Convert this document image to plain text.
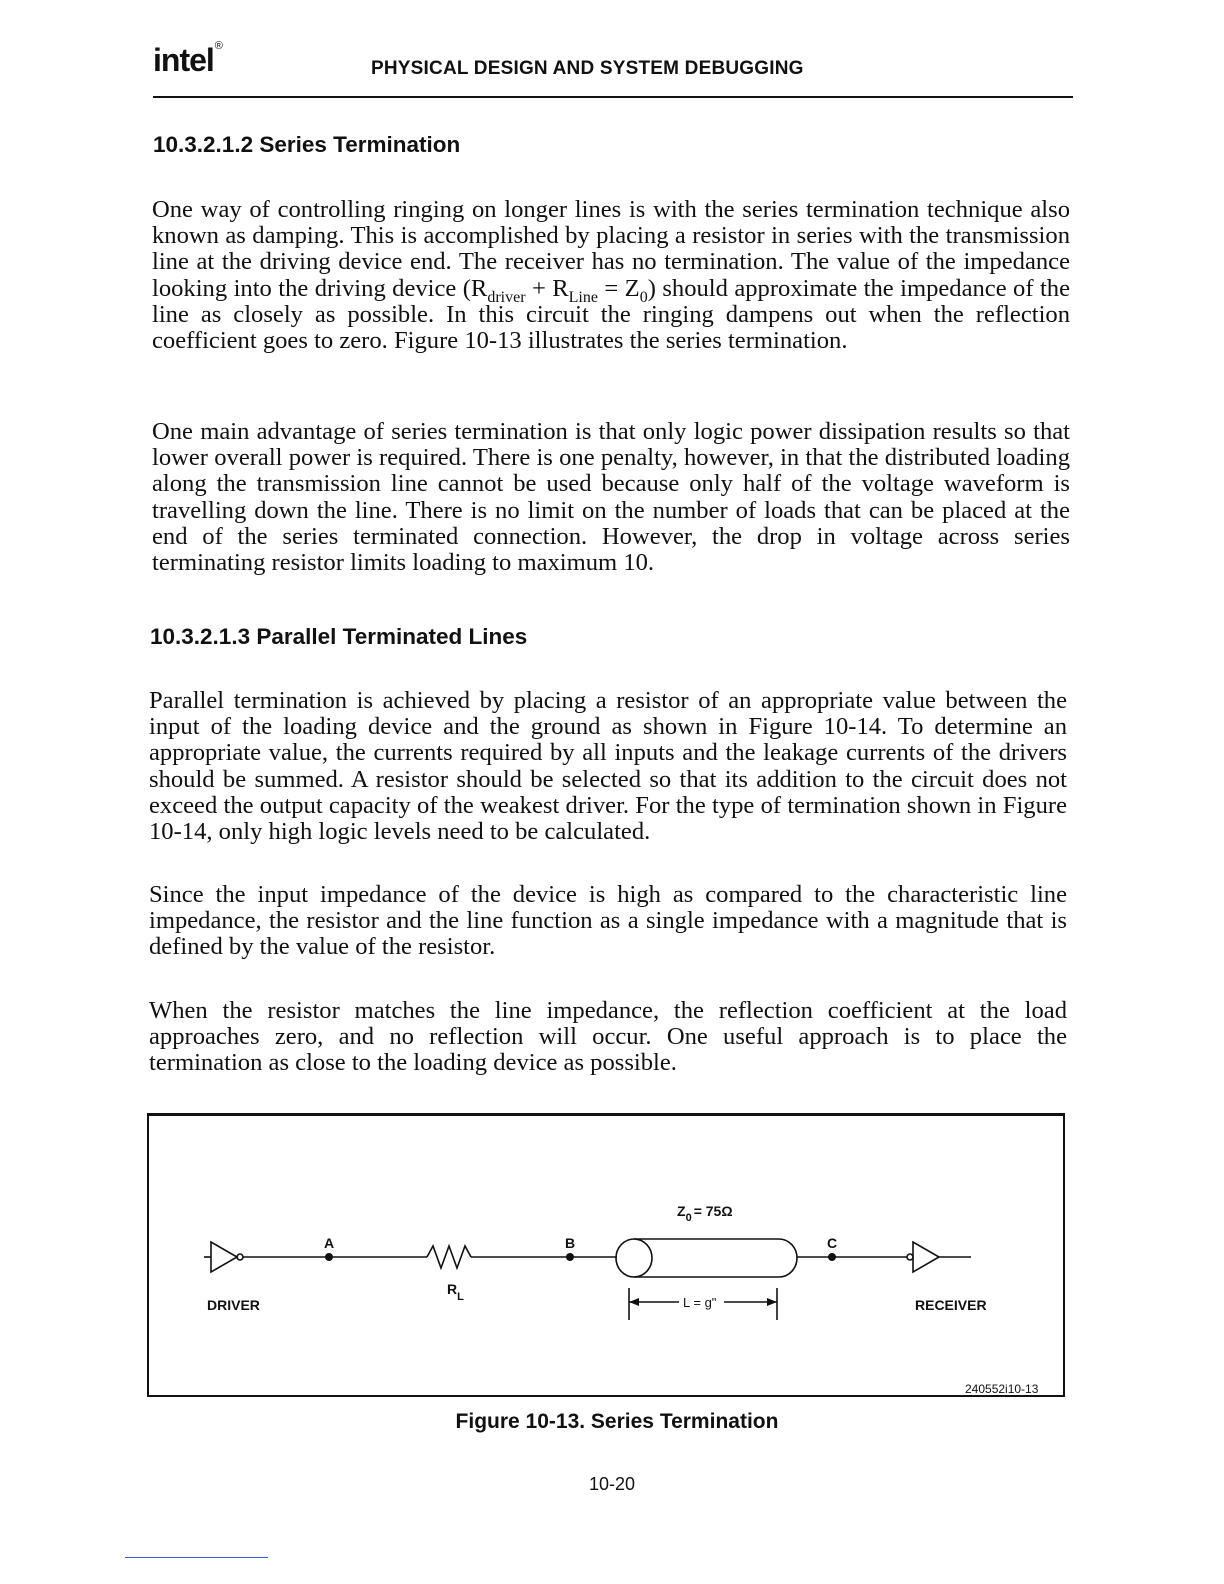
intel®
PHYSICAL DESIGN AND SYSTEM DEBUGGING
10.3.2.1.2 Series Termination

One way of controlling ringing on longer lines is with the series termination technique also known as damping. This is accomplished by placing a resistor in series with the transmission line at the driving device end. The receiver has no termination. The value of the impedance looking into the driving device $(R_{driver} + R_{Line} = Z_0)$ should approximate the impedance of the line as closely as possible. In this circuit the ringing dampens out when the reflection coefficient goes to zero. Figure 10-13 illustrates the series termination.

One main advantage of series termination is that only logic power dissipation results so that lower overall power is required. There is one penalty, however, in that the distributed loading along the transmission line cannot be used because only half of the voltage waveform is travelling down the line. There is no limit on the number of loads that can be placed at the end of the series terminated connection. However, the drop in voltage across series terminating resistor limits loading to maximum 10.

10.3.2.1.3 Parallel Terminated Lines

Parallel termination is achieved by placing a resistor of an appropriate value between the input of the loading device and the ground as shown in Figure 10-14. To determine an appropriate value, the currents required by all inputs and the leakage currents of the drivers should be summed. A resistor should be selected so that its addition to the circuit does not exceed the output capacity of the weakest driver. For the type of termination shown in Figure 10-14, only high logic levels need to be calculated.

Since the input impedance of the device is high as compared to the characteristic line impedance, the resistor and the line function as a single impedance with a magnitude that is defined by the value of the resistor.

When the resistor matches the line impedance, the reflection coefficient at the load approaches zero, and no reflection will occur. One useful approach is to place the termination as close to the loading device as possible.

A	B	C
$Z_0 = 75\Omega$
$R_L$	L = g"
DRIVER	RECEIVER
240552i10-13
Figure 10-13. Series Termination
10-20
